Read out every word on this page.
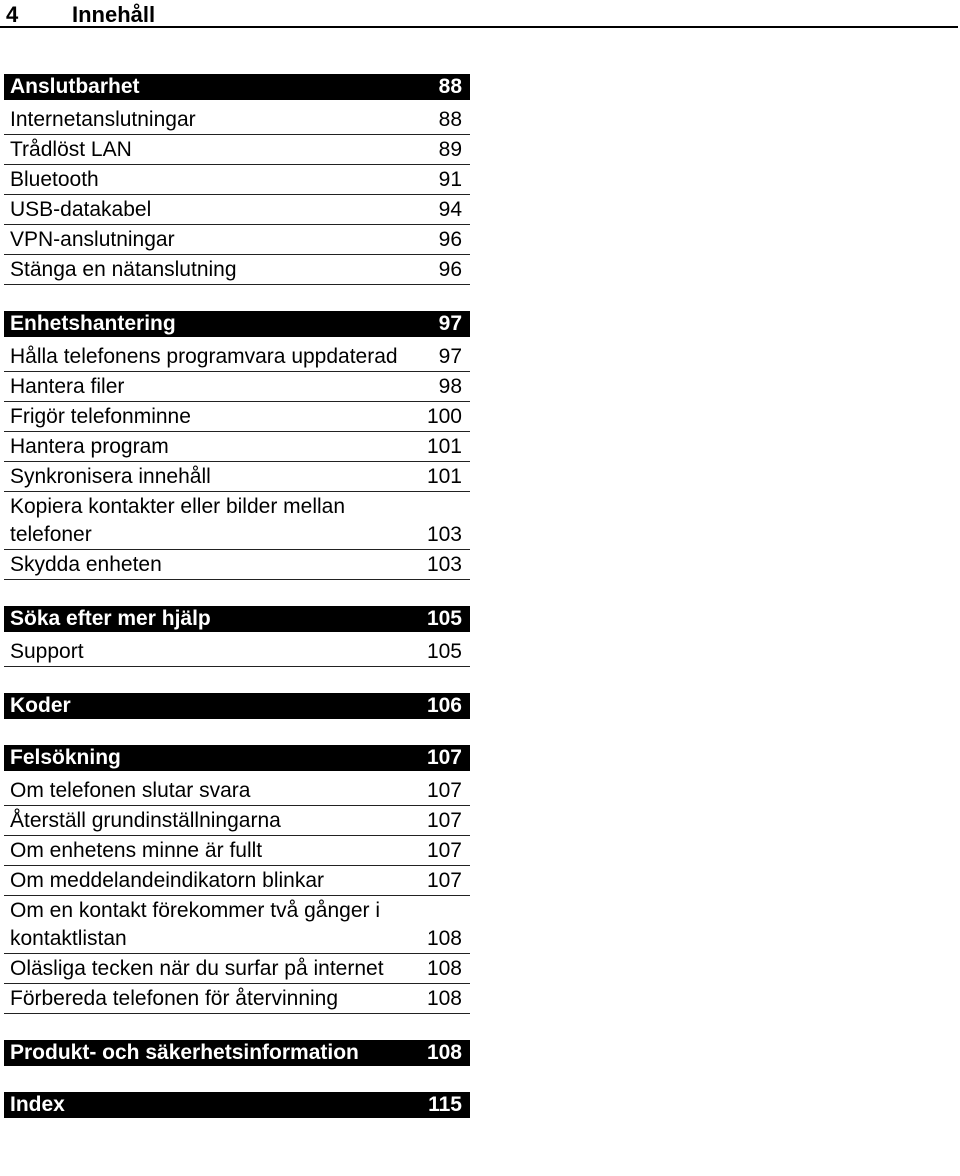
4 Innehåll
Anslutbarhet	88
Internetanslutningar	88
Trådlöst LAN	89
Bluetooth	91
USB-datakabel	94
VPN-anslutningar	96
Stänga en nätanslutning	96
Enhetshantering	97
Hålla telefonens programvara uppdaterad	97
Hantera filer	98
Frigör telefonminne	100
Hantera program	101
Synkronisera innehåll	101
Kopiera kontakter eller bilder mellan telefoner	103
Skydda enheten	103
Söka efter mer hjälp	105
Support	105
Koder	106
Felsökning	107
Om telefonen slutar svara	107
Återställ grundinställningarna	107
Om enhetens minne är fullt	107
Om meddelandeindikatorn blinkar	107
Om en kontakt förekommer två gånger i kontaktlistan	108
Oläsliga tecken när du surfar på internet	108
Förbereda telefonen för återvinning	108
Produkt- och säkerhetsinformation	108
Index	115
